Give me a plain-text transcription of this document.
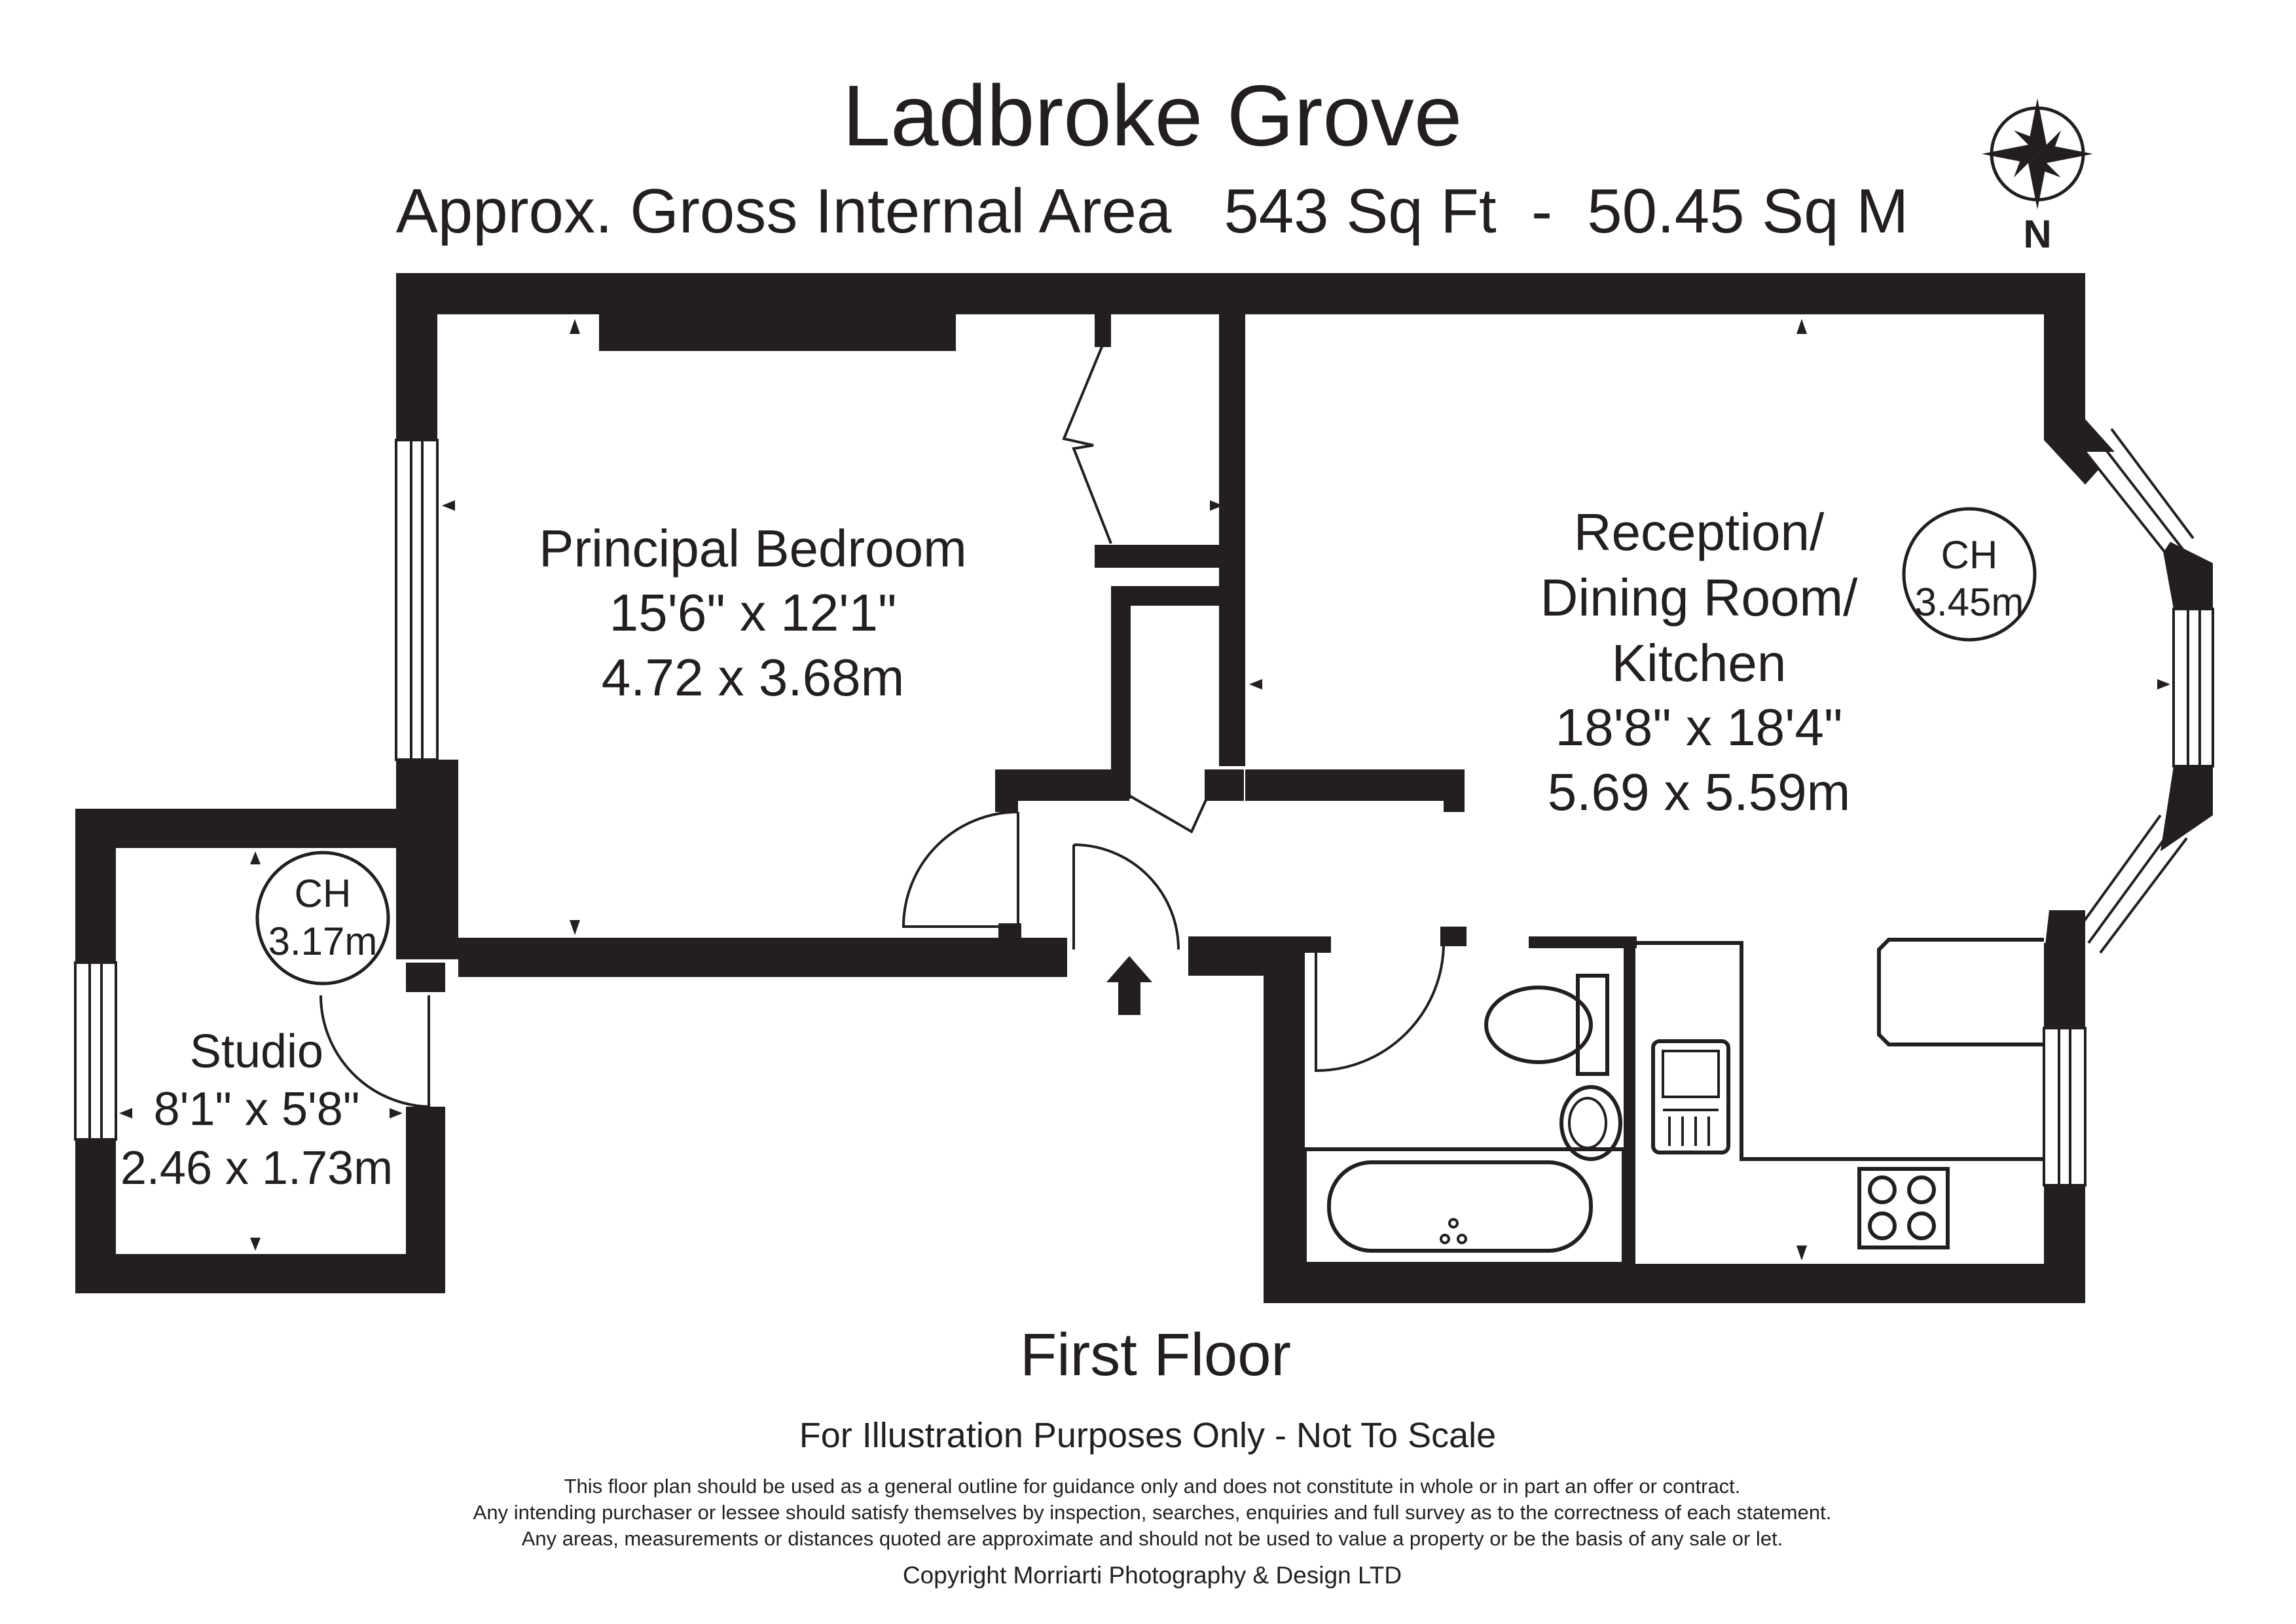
Ladbroke Grove
Approx. Gross Internal Area   543 Sq Ft  -  50.45 Sq M	N
Principal Bedroom
15'6" x 12'1"
4.72 x 3.68m
Reception/
Dining Room/
Kitchen
18'8" x 18'4"
5.69 x 5.59m
Studio
8'1" x 5'8"
2.46 x 1.73m
CH
3.45m
CH
3.17m
First Floor
For Illustration Purposes Only - Not To Scale
This floor plan should be used as a general outline for guidance only and does not constitute in whole or in part an offer or contract.
Any intending purchaser or lessee should satisfy themselves by inspection, searches, enquiries and full survey as to the correctness of each statement.
Any areas, measurements or distances quoted are approximate and should not be used to value a property or be the basis of any sale or let.
Copyright Morriarti Photography & Design LTD
